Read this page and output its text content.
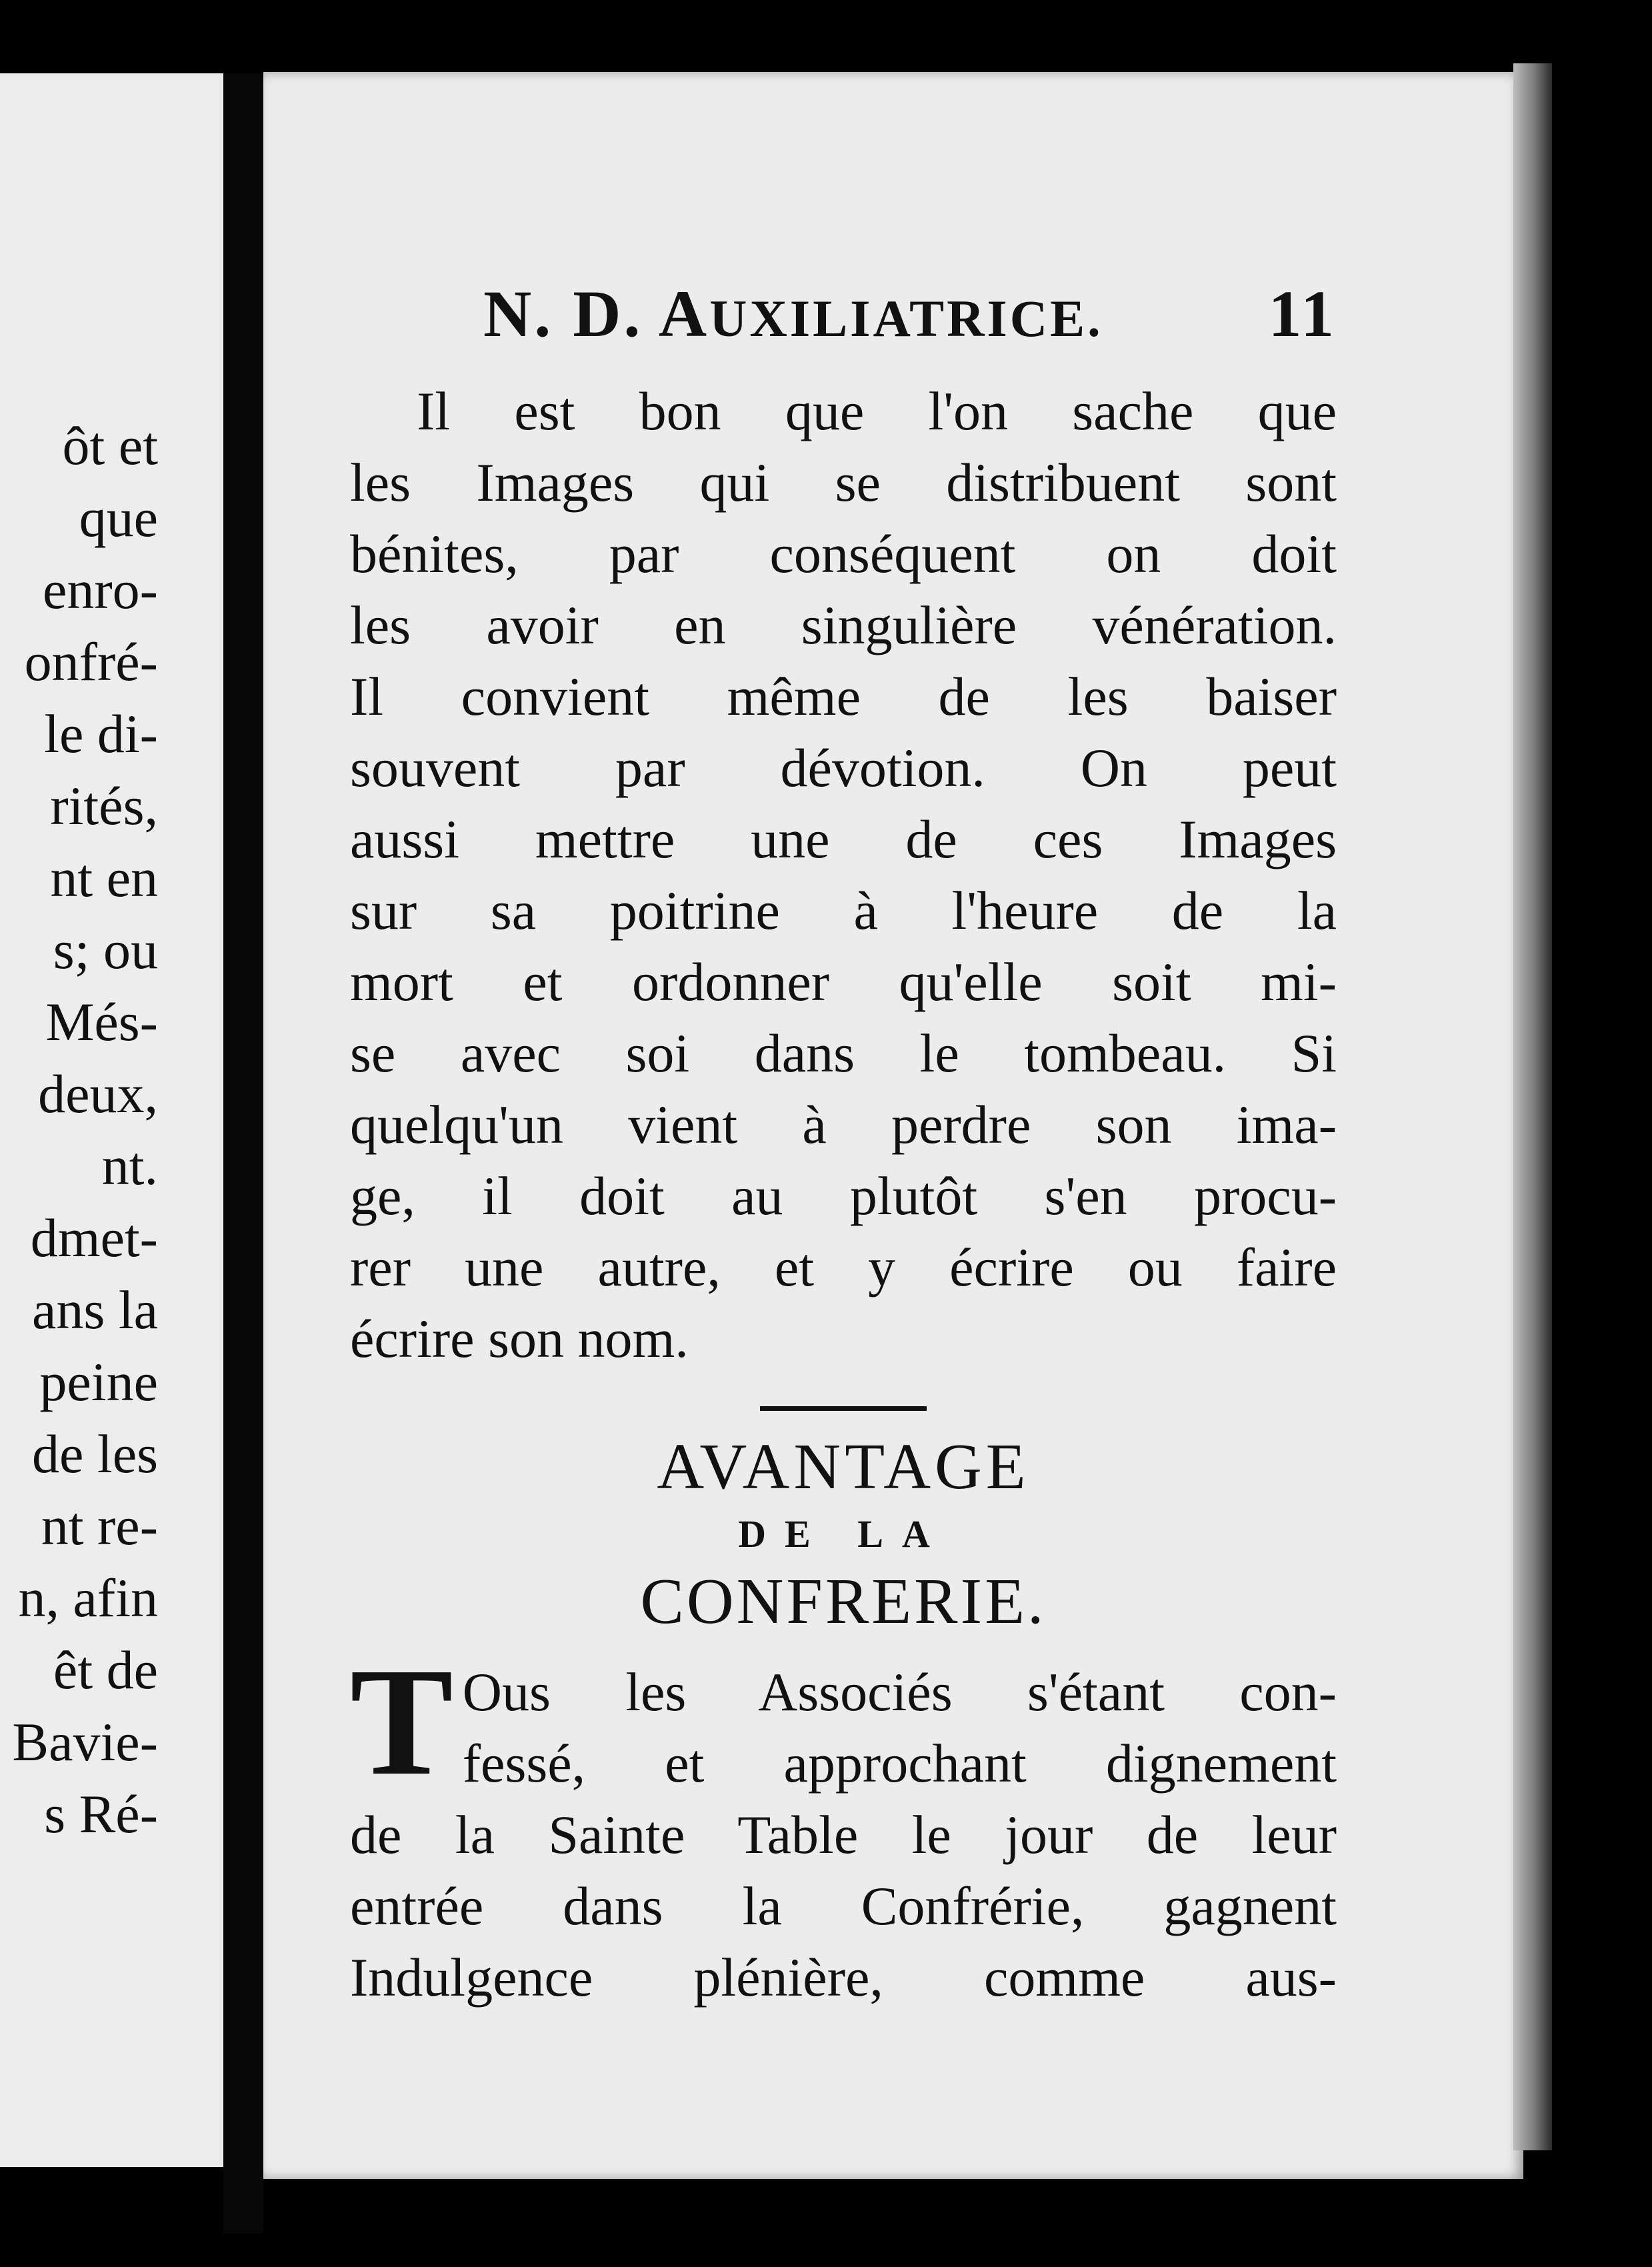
ôt et
que
enro-
onfré-
le di-
rités,
nt en
s; ou
Més-
deux,
nt.
dmet-
ans la
peine
de les
nt re-
n, afin
êt de
Bavie-
s Ré-
N. D. AUXILIATRICE. 11
Il est bon que l'on sache que
les Images qui se distribuent sont
bénites, par conséquent on doit
les avoir en singulière vénération.
Il convient même de les baiser
souvent par dévotion. On peut
aussi mettre une de ces Images
sur sa poitrine à l'heure de la
mort et ordonner qu'elle soit mi-
se avec soi dans le tombeau. Si
quelqu'un vient à perdre son ima-
ge, il doit au plutôt s'en procu-
rer une autre, et y écrire ou faire
écrire son nom.

AVANTAGE

DE LA

CONFRERIE.

T Ous les Associés s'étant con-
fessé, et approchant dignement
de la Sainte Table le jour de leur
entrée dans la Confrérie, gagnent
Indulgence plénière, comme aus-
